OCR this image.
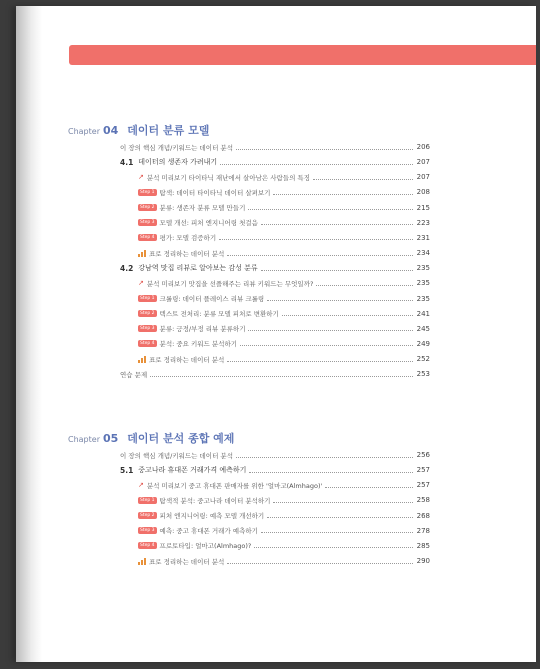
Chapter 04 데이터 분류 모델
이 장의 핵심 개념/키워드는 데이터 분석	206
4.1 데이터의 생존자 가려내기	207
↗ 분석 미리보기 타이타닉 재난에서 살아남은 사람들의 특징	207
Step 1 탐색: 데이터 타이타닉 데이터 살펴보기	208
Step 2 분류: 생존자 분류 모델 만들기	215
Step 3 모델 개선: 피처 엔지니어링 첫걸음	223
Step 4 평가: 모델 검증하기	231
표로 정리하는 데이터 분석	234
4.2 강남역 맛집 리뷰로 알아보는 감성 분류	235
↗ 분석 미리보기 맛집을 선플해주는 리뷰 키워드는 무엇일까?	235
Step 1 크롤링: 데이터 플레이스 리뷰 크롤링	235
Step 2 텍스트 전처리: 분류 모델 피처로 변환하기	241
Step 3 분류: 긍정/부정 리뷰 분류하기	245
Step 4 분석: 중요 키워드 분석하기	249
표로 정리하는 데이터 분석	252
연습 문제	253
Chapter 05 데이터 분석 종합 예제
이 장의 핵심 개념/키워드는 데이터 분석	256
5.1 중고나라 휴대폰 거래가격 예측하기	257
↗ 분석 미리보기 중고 휴대폰 판매자를 위한 '얼마고(Almhago)'	257
Step 1 탐색적 분석: 중고나라 데이터 분석하기	258
Step 2 피처 엔지니어링: 예측 모델 개선하기	268
Step 3 예측: 중고 휴대폰 거래가 예측하기	278
Step 4 프로토타입: 얼마고(Almhago)?	285
표로 정리하는 데이터 분석	290
